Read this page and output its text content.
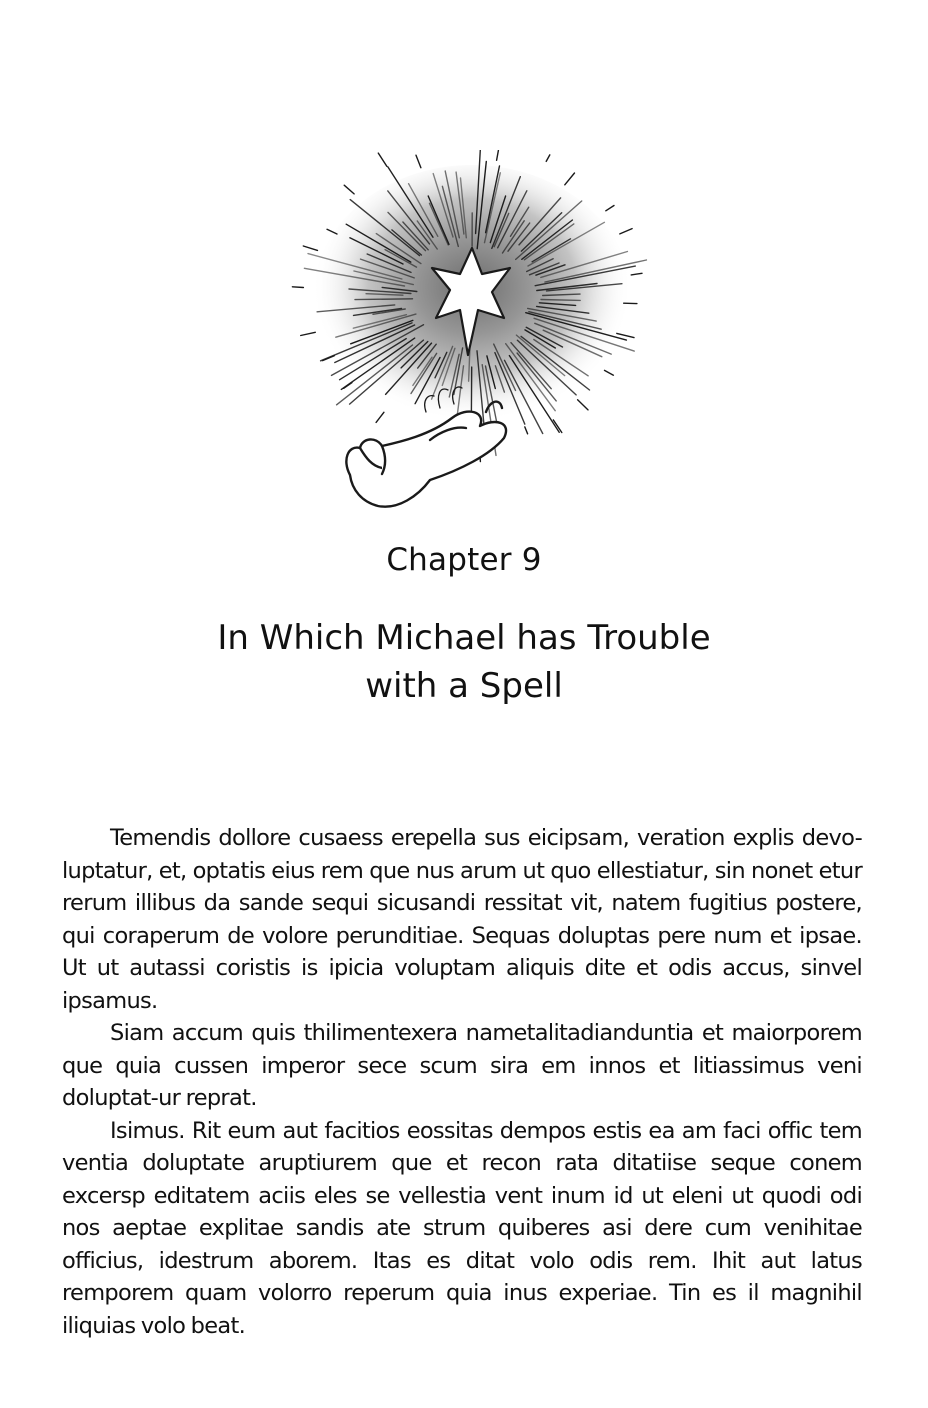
Chapter 9
In Which Michael has Trouble
with a Spell

Temendis dollore cusaess erepella sus eicipsam, veration explis devo-luptatur, et, optatis eius rem que nus arum ut quo ellestiatur, sin nonet etur rerum illibus da sande sequi sicusandi ressitat vit, natem fugitius postere, qui coraperum de volore perunditiae. Sequas doluptas pere num et ipsae. Ut ut autassi coristis is ipicia voluptam aliquis dite et odis accus, sinvel ipsamus.

Siam accum quis thilimentexera nametalitadianduntia et maiorporem que quia cussen imperor sece scum sira em innos et litiassimus veni doluptat-ur reprat.

Isimus. Rit eum aut facitios eossitas dempos estis ea am faci offic tem ventia doluptate aruptiurem que et recon rata ditatiise seque conem excersp editatem aciis eles se vellestia vent inum id ut eleni ut quodi odi nos aeptae explitae sandis ate strum quiberes asi dere cum venihitae officius, idestrum aborem. Itas es ditat volo odis rem. Ihit aut latus remporem quam volorro reperum quia inus experiae. Tin es il magnihil iliquias volo beat.
